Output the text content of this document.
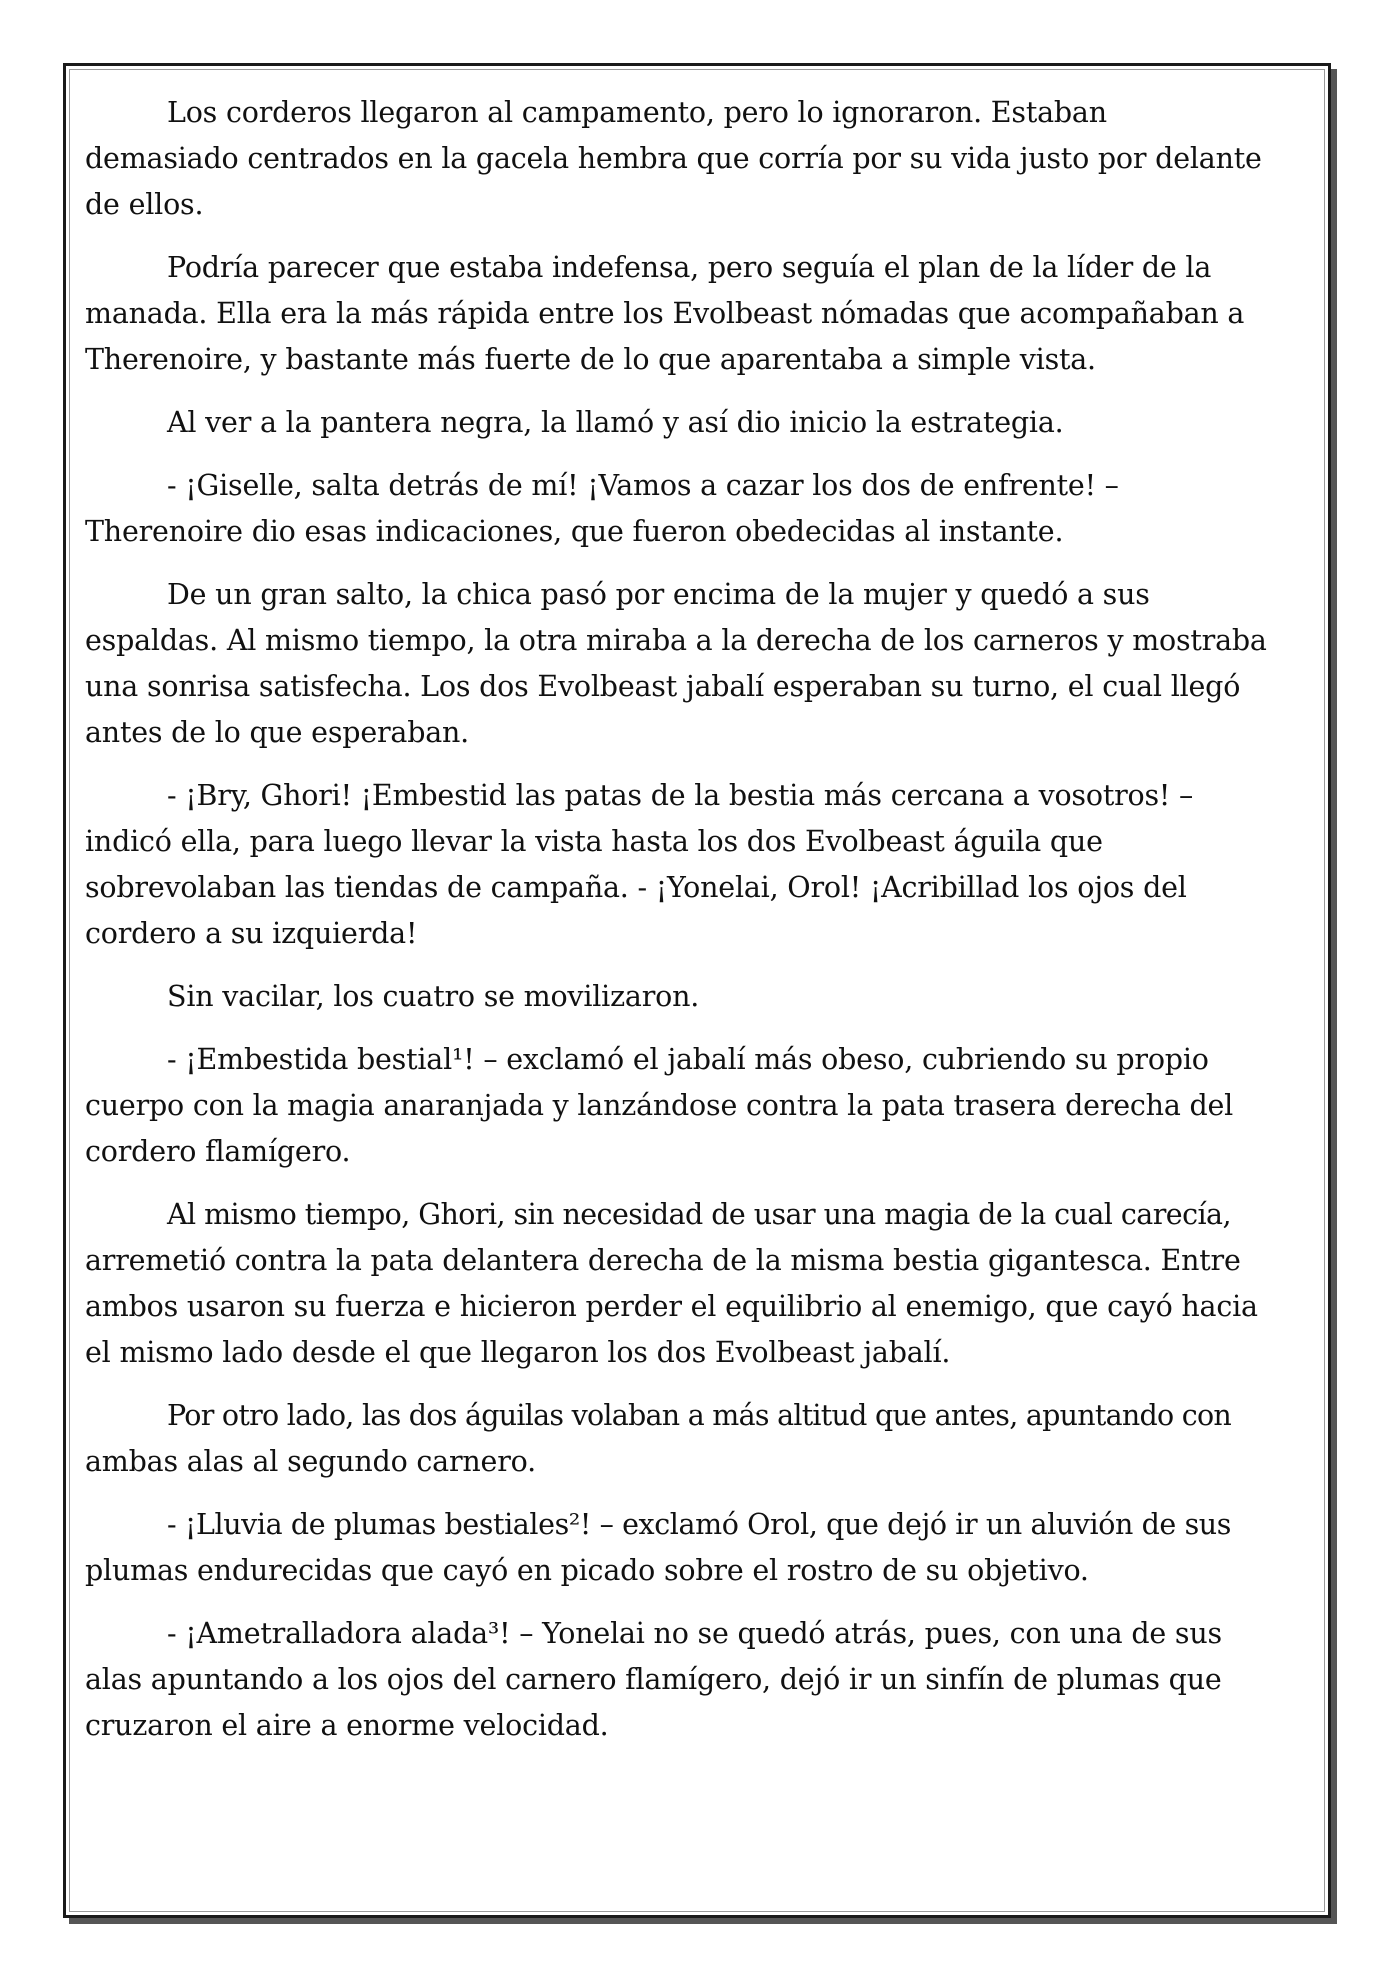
Los corderos llegaron al campamento, pero lo ignoraron. Estaban
demasiado centrados en la gacela hembra que corría por su vida justo por delante
de ellos.

Podría parecer que estaba indefensa, pero seguía el plan de la líder de la
manada. Ella era la más rápida entre los Evolbeast nómadas que acompañaban a
Therenoire, y bastante más fuerte de lo que aparentaba a simple vista.

Al ver a la pantera negra, la llamó y así dio inicio la estrategia.

- ¡Giselle, salta detrás de mí! ¡Vamos a cazar los dos de enfrente! –
Therenoire dio esas indicaciones, que fueron obedecidas al instante.

De un gran salto, la chica pasó por encima de la mujer y quedó a sus
espaldas. Al mismo tiempo, la otra miraba a la derecha de los carneros y mostraba
una sonrisa satisfecha. Los dos Evolbeast jabalí esperaban su turno, el cual llegó
antes de lo que esperaban.

- ¡Bry, Ghori! ¡Embestid las patas de la bestia más cercana a vosotros! –
indicó ella, para luego llevar la vista hasta los dos Evolbeast águila que
sobrevolaban las tiendas de campaña. - ¡Yonelai, Orol! ¡Acribillad los ojos del
cordero a su izquierda!

Sin vacilar, los cuatro se movilizaron.

- ¡Embestida bestial¹! – exclamó el jabalí más obeso, cubriendo su propio
cuerpo con la magia anaranjada y lanzándose contra la pata trasera derecha del
cordero flamígero.

Al mismo tiempo, Ghori, sin necesidad de usar una magia de la cual carecía,
arremetió contra la pata delantera derecha de la misma bestia gigantesca. Entre
ambos usaron su fuerza e hicieron perder el equilibrio al enemigo, que cayó hacia
el mismo lado desde el que llegaron los dos Evolbeast jabalí.

Por otro lado, las dos águilas volaban a más altitud que antes, apuntando con
ambas alas al segundo carnero.

- ¡Lluvia de plumas bestiales²! – exclamó Orol, que dejó ir un aluvión de sus
plumas endurecidas que cayó en picado sobre el rostro de su objetivo.

- ¡Ametralladora alada³! – Yonelai no se quedó atrás, pues, con una de sus
alas apuntando a los ojos del carnero flamígero, dejó ir un sinfín de plumas que
cruzaron el aire a enorme velocidad.
